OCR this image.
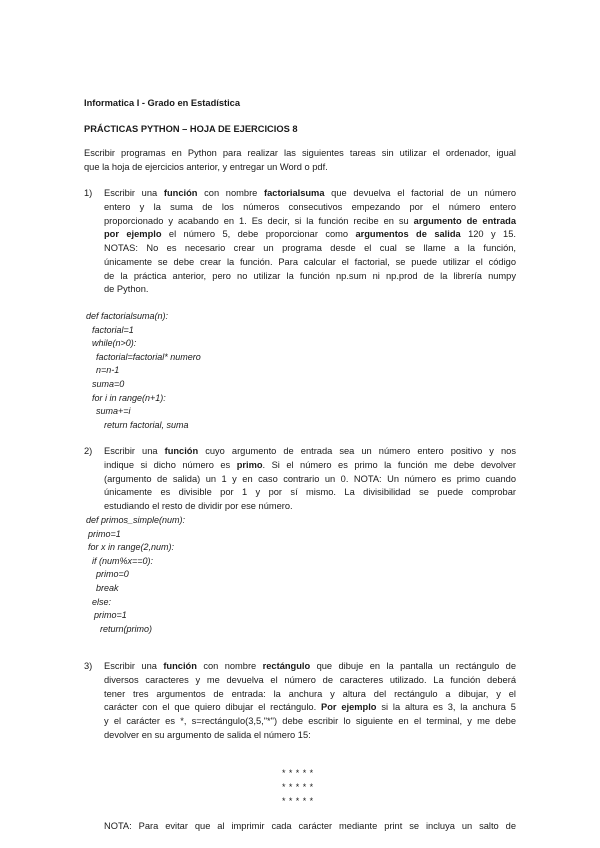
Informatica I - Grado en Estadística
PRÁCTICAS PYTHON – HOJA DE EJERCICIOS 8
Escribir programas en Python para realizar las siguientes tareas sin utilizar el ordenador, igual
que la hoja de ejercicios anterior, y entregar un Word o pdf.
1) Escribir una función con nombre factorialsuma que devuelva el factorial de un número
entero y la suma de los números consecutivos empezando por el número entero
proporcionado y acabando en 1. Es decir, si la función recibe en su argumento de entrada
por ejemplo el número 5, debe proporcionar como argumentos de salida 120 y 15.
NOTAS: No es necesario crear un programa desde el cual se llame a la función,
únicamente se debe crear la función. Para calcular el factorial, se puede utilizar el código
de la práctica anterior, pero no utilizar la función np.sum ni np.prod de la librería numpy
de Python.
def factorialsuma(n):
factorial=1
while(n>0):
factorial=factorial* numero
n=n-1
suma=0
for i in range(n+1):
suma+=i
return factorial, suma
2) Escribir una función cuyo argumento de entrada sea un número entero positivo y nos
indique si dicho número es primo. Si el número es primo la función me debe devolver
(argumento de salida) un 1 y en caso contrario un 0. NOTA: Un número es primo cuando
únicamente es divisible por 1 y por sí mismo. La divisibilidad se puede comprobar
estudiando el resto de dividir por ese número.
def primos_simple(num):
primo=1
for x in range(2,num):
if (num%x==0):
primo=0
break
else:
primo=1
return(primo)
3) Escribir una función con nombre rectángulo que dibuje en la pantalla un rectángulo de
diversos caracteres y me devuelva el número de caracteres utilizado. La función deberá
tener tres argumentos de entrada: la anchura y altura del rectángulo a dibujar, y el
carácter con el que quiero dibujar el rectángulo. Por ejemplo si la altura es 3, la anchura 5
y el carácter es *, s=rectángulo(3,5,"*") debe escribir lo siguiente en el terminal, y me debe
devolver en su argumento de salida el número 15:
*****
*****
*****
NOTA: Para evitar que al imprimir cada carácter mediante print se incluya un salto de
